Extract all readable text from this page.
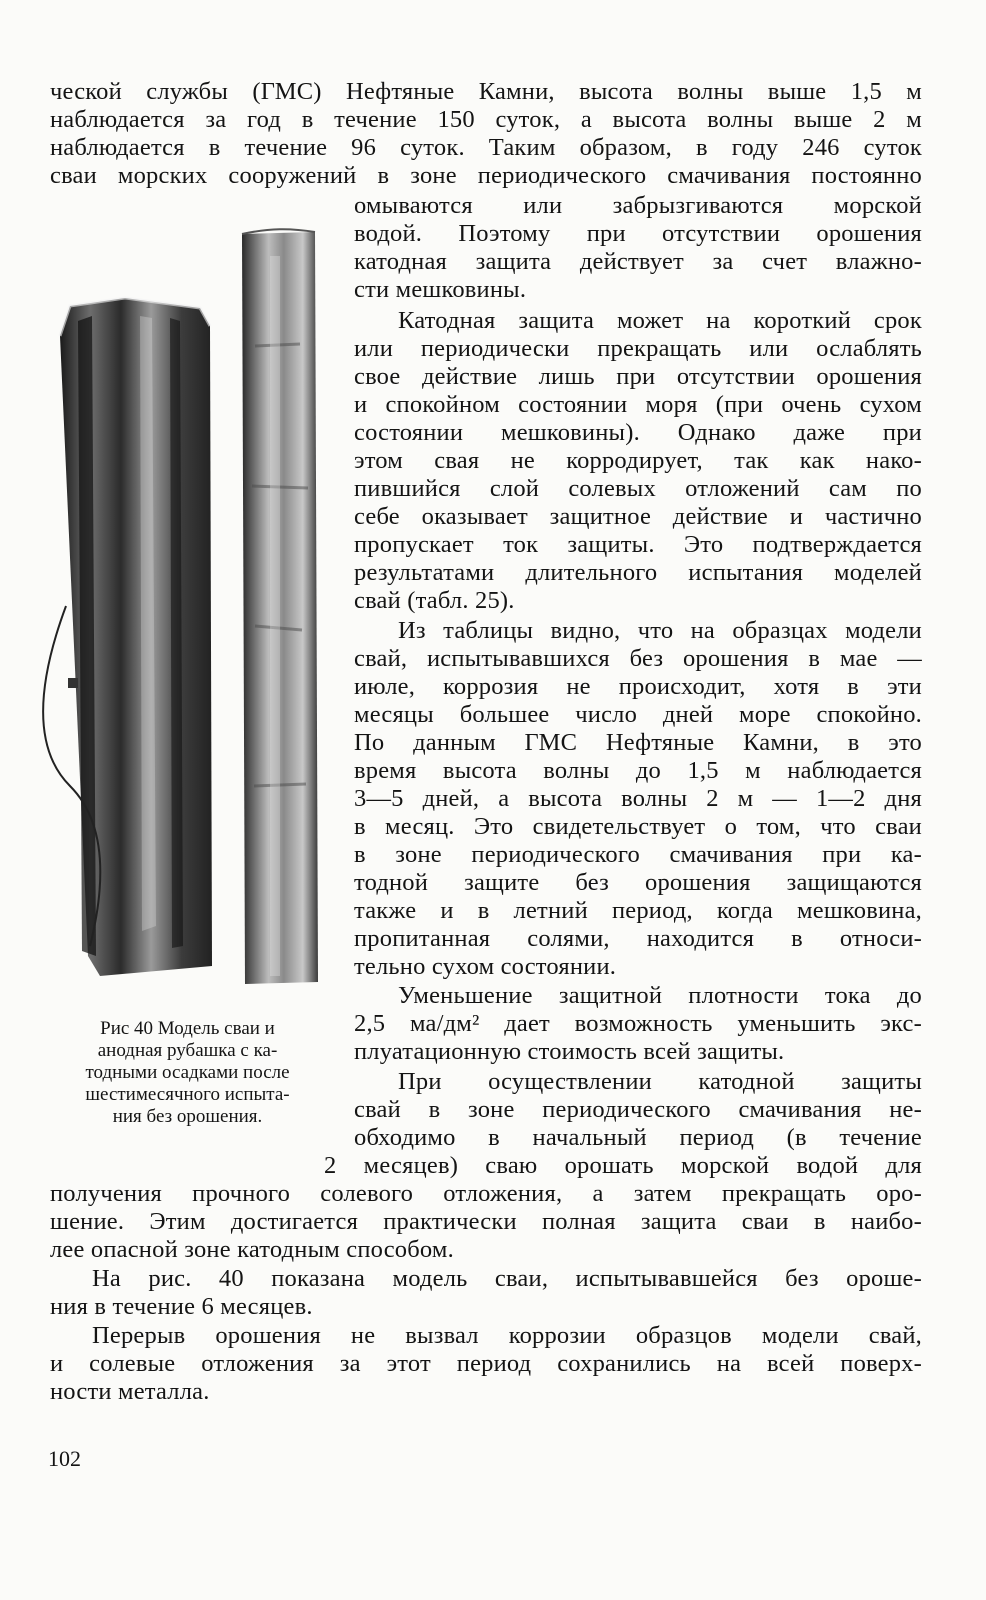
ческой службы (ГМС) Нефтяные Камни, высота волны выше 1,5 м
наблюдается за год в течение 150 суток, а высота волны выше 2 м
наблюдается в течение 96 суток. Таким образом, в году 246 суток
сваи морских сооружений в зоне периодического смачивания постоянно
омываются или забрызгиваются морской
водой. Поэтому при отсутствии орошения
катодная защита действует за счет влажно-
сти мешковины.
Катодная защита может на короткий срок
или периодически прекращать или ослаблять
свое действие лишь при отсутствии орошения
и спокойном состоянии моря (при очень сухом
состоянии мешковины). Однако даже при
этом свая не корродирует, так как нако-
пившийся слой солевых отложений сам по
себе оказывает защитное действие и частично
пропускает ток защиты. Это подтверждается
результатами длительного испытания моделей
свай (табл. 25).
Из таблицы видно, что на образцах модели
свай, испытывавшихся без орошения в мае —
июле, коррозия не происходит, хотя в эти
месяцы большее число дней море спокойно.
По данным ГМС Нефтяные Камни, в это
время высота волны до 1,5 м наблюдается
3—5 дней, а высота волны 2 м — 1—2 дня
в месяц. Это свидетельствует о том, что сваи
в зоне периодического смачивания при ка-
тодной защите без орошения защищаются
также и в летний период, когда мешковина,
пропитанная солями, находится в относи-
тельно сухом состоянии.
Уменьшение защитной плотности тока до
2,5 ма/дм² дает возможность уменьшить экс-
плуатационную стоимость всей защиты.
При осуществлении катодной защиты
свай в зоне периодического смачивания не-
обходимо в начальный период (в течение
2 месяцев) сваю орошать морской водой для
получения прочного солевого отложения, а затем прекращать оро-
шение. Этим достигается практически полная защита сваи в наибо-
лее опасной зоне катодным способом.
На рис. 40 показана модель сваи, испытывавшейся без ороше-
ния в течение 6 месяцев.
Перерыв орошения не вызвал коррозии образцов модели свай,
и солевые отложения за этот период сохранились на всей поверх-
ности металла.
Рис 40 Модель сваи и
анодная рубашка с ка-
тодными осадками после
шестимесячного испыта-
ния без орошения.
102
